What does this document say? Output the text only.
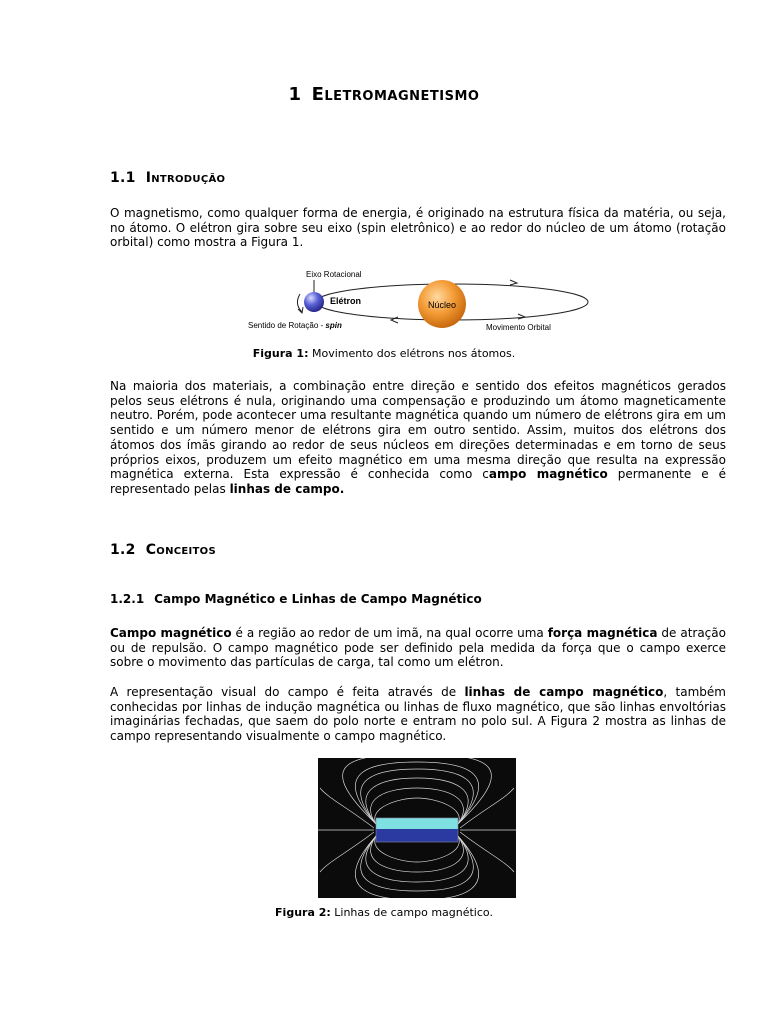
1 Eletromagnetismo
1.1 Introdução

O magnetismo, como qualquer forma de energia, é originado na estrutura física da matéria, ou seja, no átomo. O elétron gira sobre seu eixo (spin eletrônico) e ao redor do núcleo de um átomo (rotação orbital) como mostra a Figura 1.

Núcleo
Elétron
Eixo Rotacional
Sentido de Rotação - spin	Movimento Orbital
Figura 1: Movimento dos elétrons nos átomos.

Na maioria dos materiais, a combinação entre direção e sentido dos efeitos magnéticos gerados pelos seus elétrons é nula, originando uma compensação e produzindo um átomo magneticamente neutro. Porém, pode acontecer uma resultante magnética quando um número de elétrons gira em um sentido e um número menor de elétrons gira em outro sentido. Assim, muitos dos elétrons dos átomos dos ímãs girando ao redor de seus núcleos em direções determinadas e em torno de seus próprios eixos, produzem um efeito magnético em uma mesma direção que resulta na expressão magnética externa. Esta expressão é conhecida como campo magnético permanente e é representado pelas linhas de campo.

1.2 Conceitos
1.2.1 Campo Magnético e Linhas de Campo Magnético

Campo magnético é a região ao redor de um imã, na qual ocorre uma força magnética de atração ou de repulsão. O campo magnético pode ser definido pela medida da força que o campo exerce sobre o movimento das partículas de carga, tal como um elétron.

A representação visual do campo é feita através de linhas de campo magnético, também conhecidas por linhas de indução magnética ou linhas de fluxo magnético, que são linhas envoltórias imaginárias fechadas, que saem do polo norte e entram no polo sul. A Figura 2 mostra as linhas de campo representando visualmente o campo magnético.

Figura 2: Linhas de campo magnético.
